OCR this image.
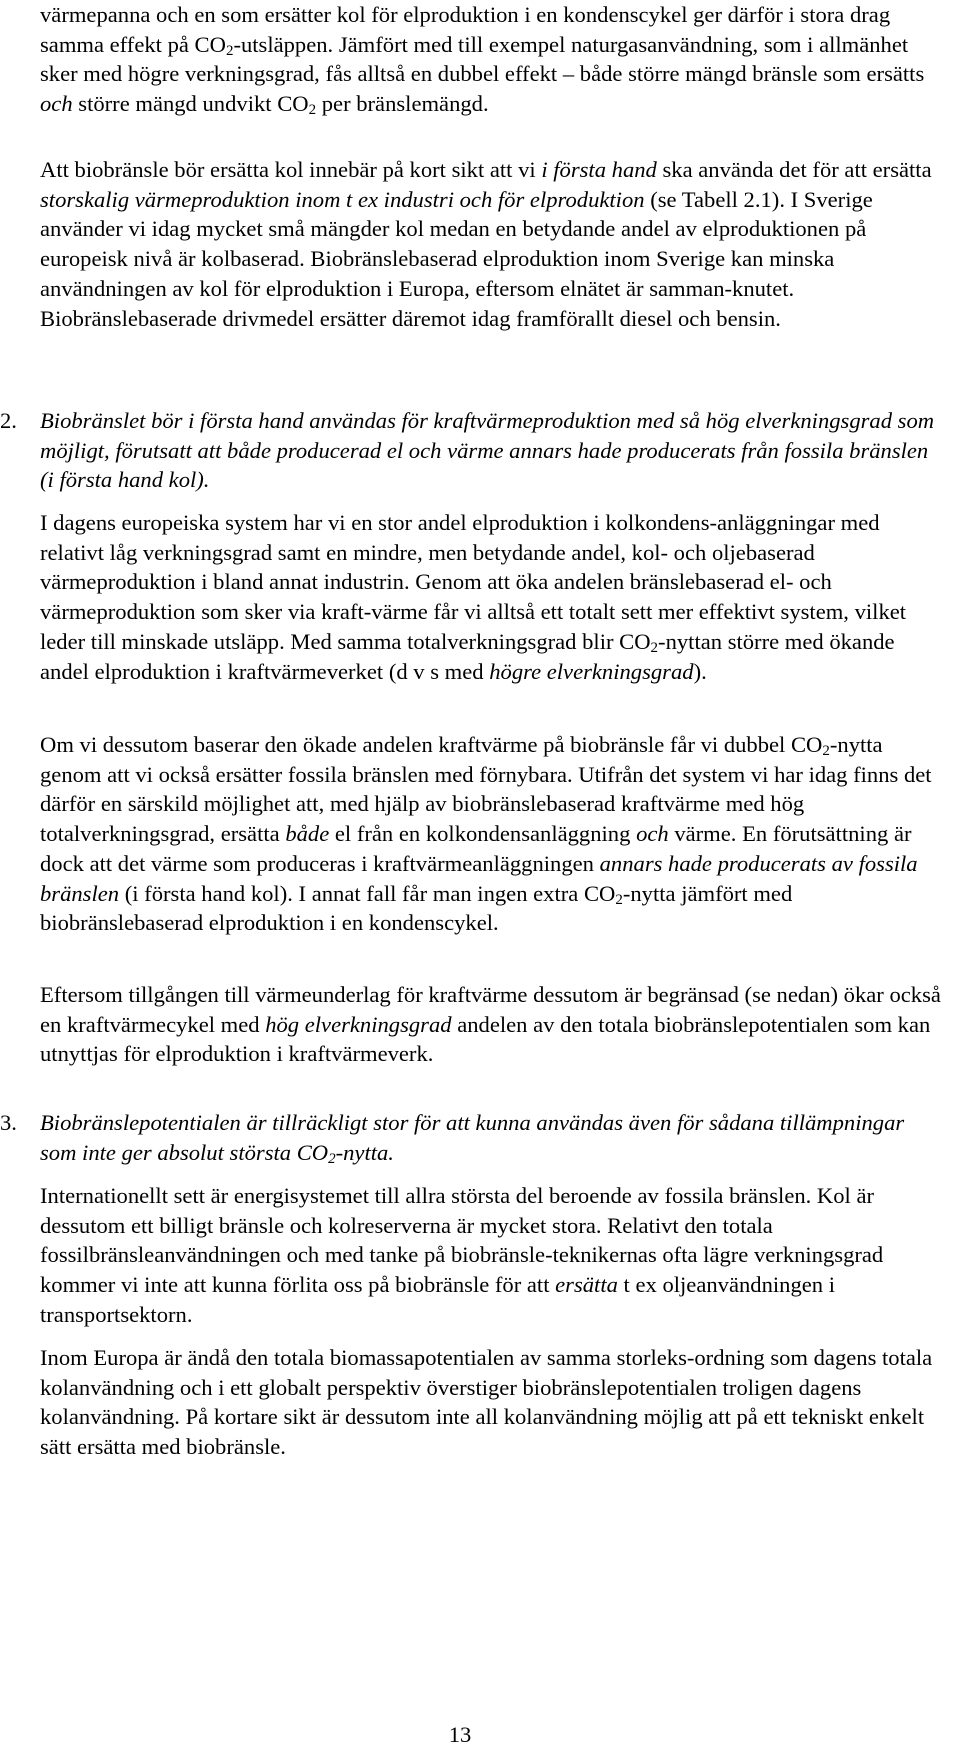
värmepanna och en som ersätter kol för elproduktion i en kondenscykel ger därför i stora drag samma effekt på $CO_2$-utsläppen. Jämfört med till exempel naturgasanvändning, som i allmänhet sker med högre verkningsgrad, fås alltså en dubbel effekt – både större mängd bränsle som ersätts och större mängd undvikt $CO_2$ per bränslemängd.

Att biobränsle bör ersätta kol innebär på kort sikt att vi i första hand ska använda det för att ersätta storskalig värmeproduktion inom t ex industri och för elproduktion (se Tabell 2.1). I Sverige använder vi idag mycket små mängder kol medan en betydande andel av elproduktionen på europeisk nivå är kolbaserad. Biobränslebaserad elproduktion inom Sverige kan minska användningen av kol för elproduktion i Europa, eftersom elnätet är samman-knutet. Biobränslebaserade drivmedel ersätter däremot idag framförallt diesel och bensin.

2.	Biobränslet bör i första hand användas för kraftvärmeproduktion med så hög elverkningsgrad som möjligt, förutsatt att både producerad el och värme annars hade producerats från fossila bränslen (i första hand kol).

I dagens europeiska system har vi en stor andel elproduktion i kolkondens-anläggningar med relativt låg verkningsgrad samt en mindre, men betydande andel, kol- och oljebaserad värmeproduktion i bland annat industrin. Genom att öka andelen bränslebaserad el- och värmeproduktion som sker via kraft-värme får vi alltså ett totalt sett mer effektivt system, vilket leder till minskade utsläpp. Med samma totalverkningsgrad blir $CO_2$-nyttan större med ökande andel elproduktion i kraftvärmeverket (d v s med högre elverkningsgrad).

Om vi dessutom baserar den ökade andelen kraftvärme på biobränsle får vi dubbel $CO_2$-nytta genom att vi också ersätter fossila bränslen med förnybara. Utifrån det system vi har idag finns det därför en särskild möjlighet att, med hjälp av biobränslebaserad kraftvärme med hög totalverkningsgrad, ersätta både el från en kolkondensanläggning och värme. En förutsättning är dock att det värme som produceras i kraftvärmeanläggningen annars hade producerats av fossila bränslen (i första hand kol). I annat fall får man ingen extra $CO_2$-nytta jämfört med biobränslebaserad elproduktion i en kondenscykel.

Eftersom tillgången till värmeunderlag för kraftvärme dessutom är begränsad (se nedan) ökar också en kraftvärmecykel med hög elverkningsgrad andelen av den totala biobränslepotentialen som kan utnyttjas för elproduktion i kraftvärmeverk.

3.	Biobränslepotentialen är tillräckligt stor för att kunna användas även för sådana tillämpningar som inte ger absolut största $CO_2$-nytta.

Internationellt sett är energisystemet till allra största del beroende av fossila bränslen. Kol är dessutom ett billigt bränsle och kolreserverna är mycket stora. Relativt den totala fossilbränsleanvändningen och med tanke på biobränsle-teknikernas ofta lägre verkningsgrad kommer vi inte att kunna förlita oss på biobränsle för att ersätta t ex oljeanvändningen i transportsektorn.

Inom Europa är ändå den totala biomassapotentialen av samma storleks-ordning som dagens totala kolanvändning och i ett globalt perspektiv överstiger biobränslepotentialen troligen dagens kolanvändning. På kortare sikt är dessutom inte all kolanvändning möjlig att på ett tekniskt enkelt sätt ersätta med biobränsle.

13
